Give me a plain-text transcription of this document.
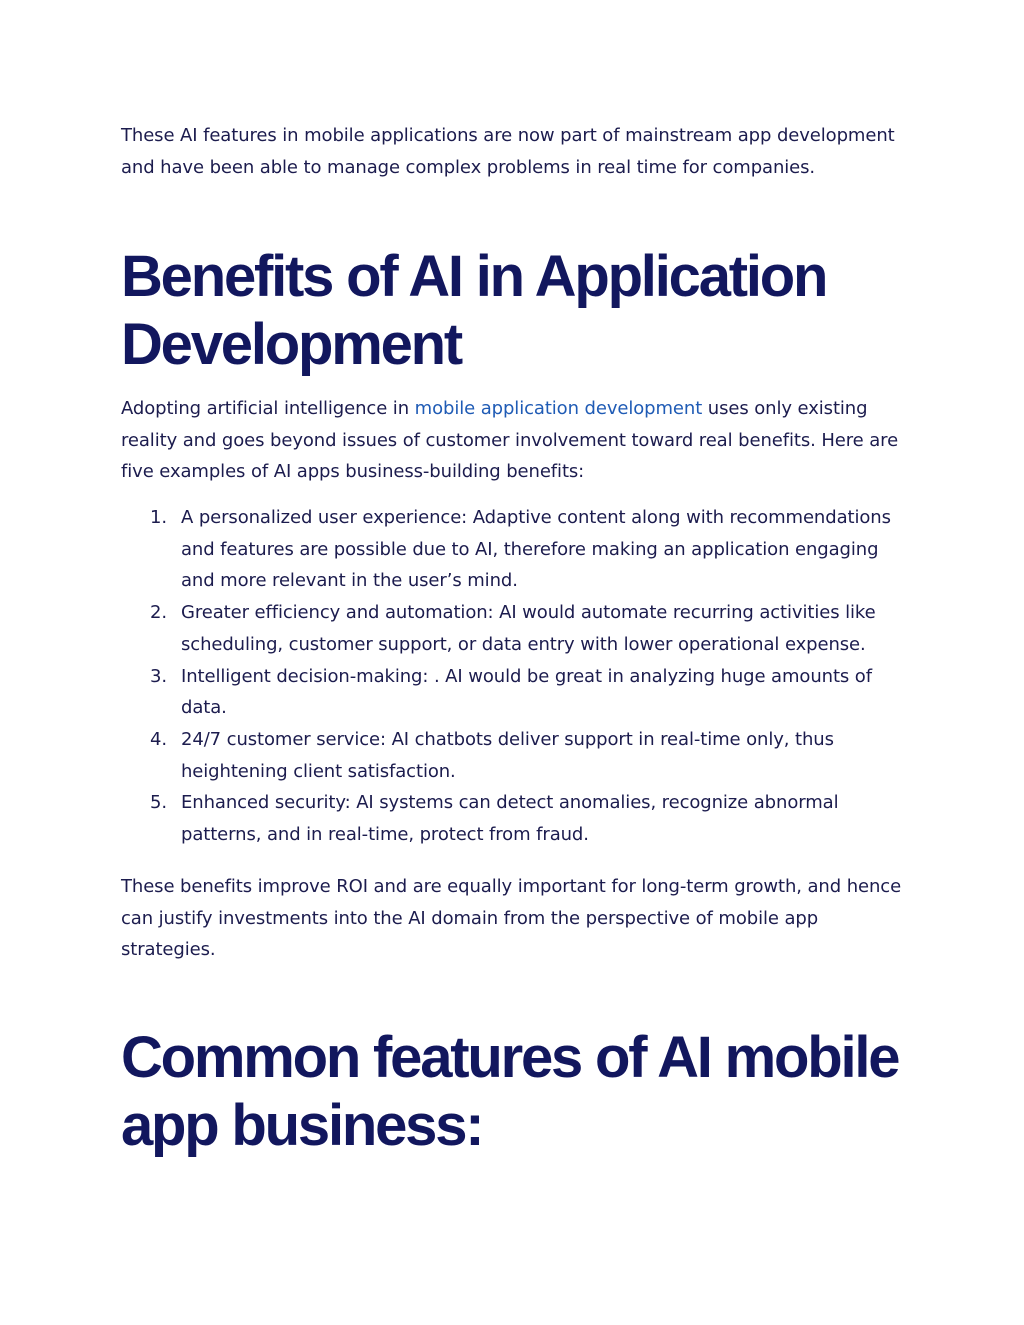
These AI features in mobile applications are now part of mainstream app development and have been able to manage complex problems in real time for companies.

Benefits of AI in Application Development

Adopting artificial intelligence in mobile application development uses only existing reality and goes beyond issues of customer involvement toward real benefits. Here are five examples of AI apps business-building benefits:

1. A personalized user experience: Adaptive content along with recommendations and features are possible due to AI, therefore making an application engaging and more relevant in the user’s mind.
2. Greater efficiency and automation: AI would automate recurring activities like scheduling, customer support, or data entry with lower operational expense.
3. Intelligent decision-making: . AI would be great in analyzing huge amounts of data.
4. 24/7 customer service: AI chatbots deliver support in real-time only, thus heightening client satisfaction.
5. Enhanced security: AI systems can detect anomalies, recognize abnormal patterns, and in real-time, protect from fraud.

These benefits improve ROI and are equally important for long-term growth, and hence can justify investments into the AI domain from the perspective of mobile app strategies.

Common features of AI mobile app business:
